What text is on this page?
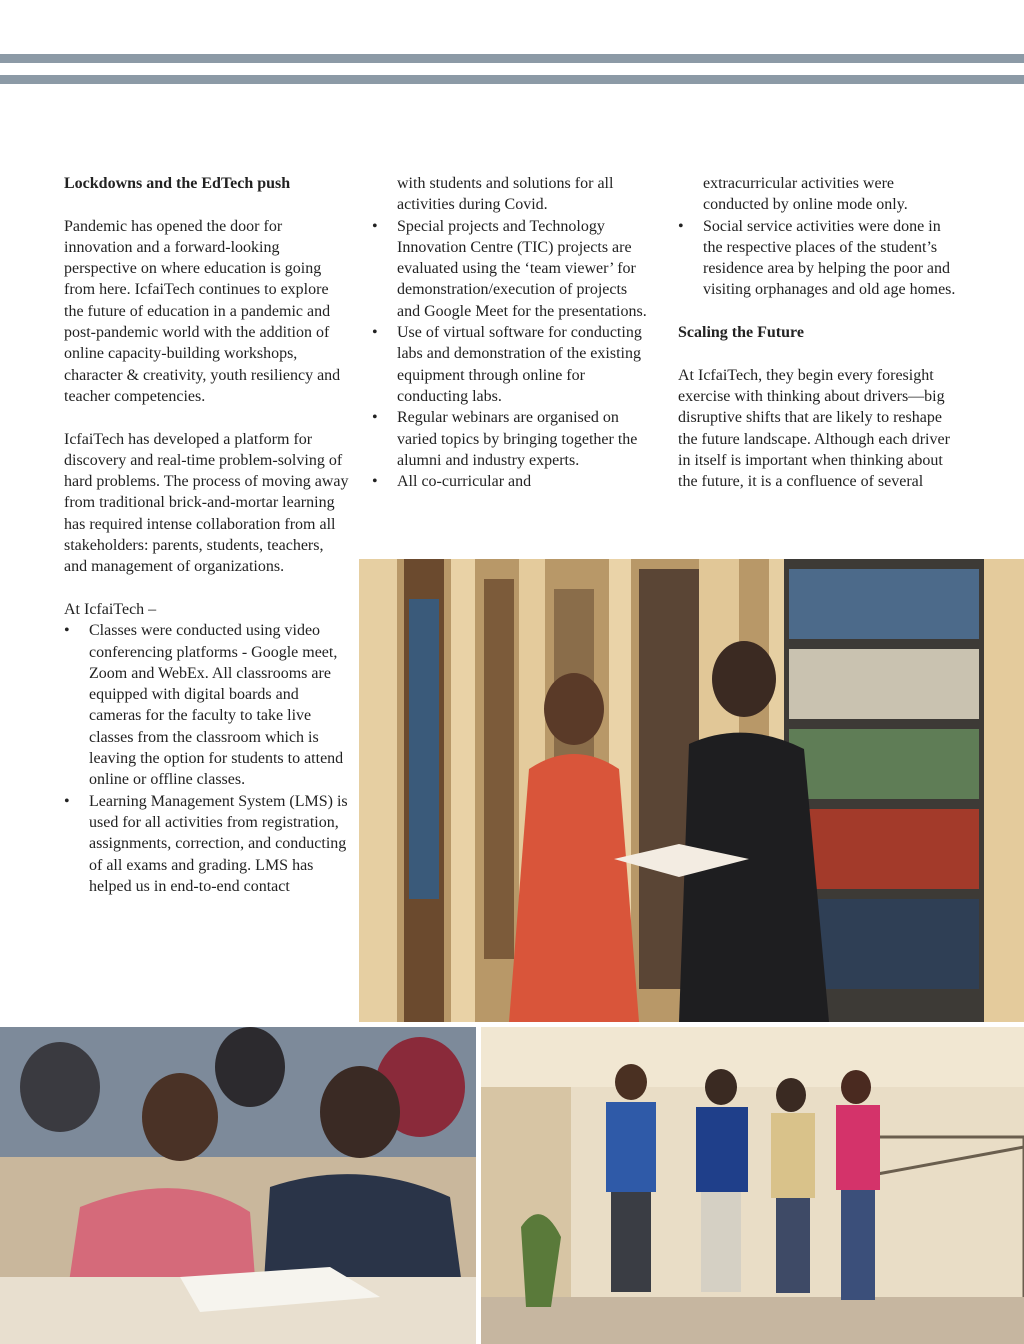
Lockdowns and the EdTech push

Pandemic has opened the door for innovation and a forward-looking perspective on where education is going from here. IcfaiTech continues to explore the future of education in a pandemic and post-pandemic world with the addition of online capacity-building workshops, character & creativity, youth resiliency and teacher competencies.

IcfaiTech has developed a platform for discovery and real-time problem-solving of hard problems. The process of moving away from traditional brick-and-mortar learning has required intense collaboration from all stakeholders: parents, students, teachers, and management of organizations.

At IcfaiTech –

• Classes were conducted using video conferencing platforms - Google meet, Zoom and WebEx. All classrooms are equipped with digital boards and cameras for the faculty to take live classes from the classroom which is leaving the option for students to attend online or offline classes.
• Learning Management System (LMS) is used for all activities from registration, assignments, correction, and conducting of all exams and grading. LMS has helped us in end-to-end contact

with students and solutions for all activities during Covid.

• Special projects and Technology Innovation Centre (TIC) projects are evaluated using the ‘team viewer’ for demonstration/execution of projects and Google Meet for the presentations.
• Use of virtual software for conducting labs and demonstration of the existing equipment through online for conducting labs.
• Regular webinars are organised on varied topics by bringing together the alumni and industry experts.
• All co-curricular and

extracurricular activities were conducted by online mode only.

• Social service activities were done in the respective places of the student’s residence area by helping the poor and visiting orphanages and old age homes.
Scaling the Future

At IcfaiTech, they begin every foresight exercise with thinking about drivers—big disruptive shifts that are likely to reshape the future landscape. Although each driver in itself is important when thinking about the future, it is a confluence of several
